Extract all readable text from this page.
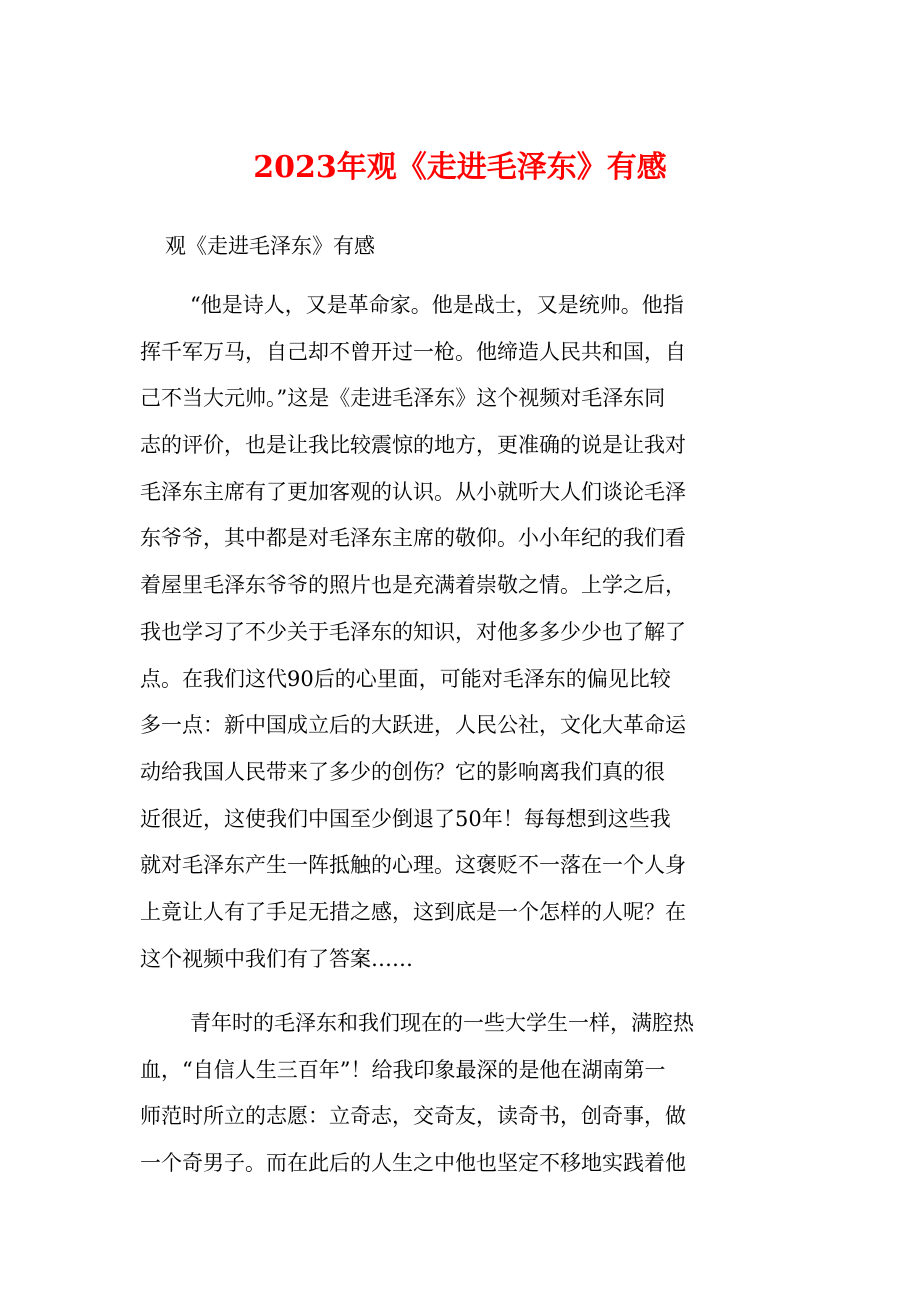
2023年观《走进毛泽东》有感
观《走进毛泽东》有感
“他是诗人，又是革命家。他是战士，又是统帅。他指
挥千军万马，自己却不曾开过一枪。他缔造人民共和国，自
己不当大元帅。”这是《走进毛泽东》这个视频对毛泽东同
志的评价，也是让我比较震惊的地方，更准确的说是让我对
毛泽东主席有了更加客观的认识。从小就听大人们谈论毛泽
东爷爷，其中都是对毛泽东主席的敬仰。小小年纪的我们看
着屋里毛泽东爷爷的照片也是充满着崇敬之情。上学之后，
我也学习了不少关于毛泽东的知识，对他多多少少也了解了
点。在我们这代90后的心里面，可能对毛泽东的偏见比较
多一点：新中国成立后的大跃进，人民公社，文化大革命运
动给我国人民带来了多少的创伤？它的影响离我们真的很
近很近，这使我们中国至少倒退了50年！每每想到这些我
就对毛泽东产生一阵抵触的心理。这褒贬不一落在一个人身
上竟让人有了手足无措之感，这到底是一个怎样的人呢？在
这个视频中我们有了答案……
青年时的毛泽东和我们现在的一些大学生一样，满腔热
血，“自信人生三百年”！给我印象最深的是他在湖南第一
师范时所立的志愿：立奇志，交奇友，读奇书，创奇事，做
一个奇男子。而在此后的人生之中他也坚定不移地实践着他
